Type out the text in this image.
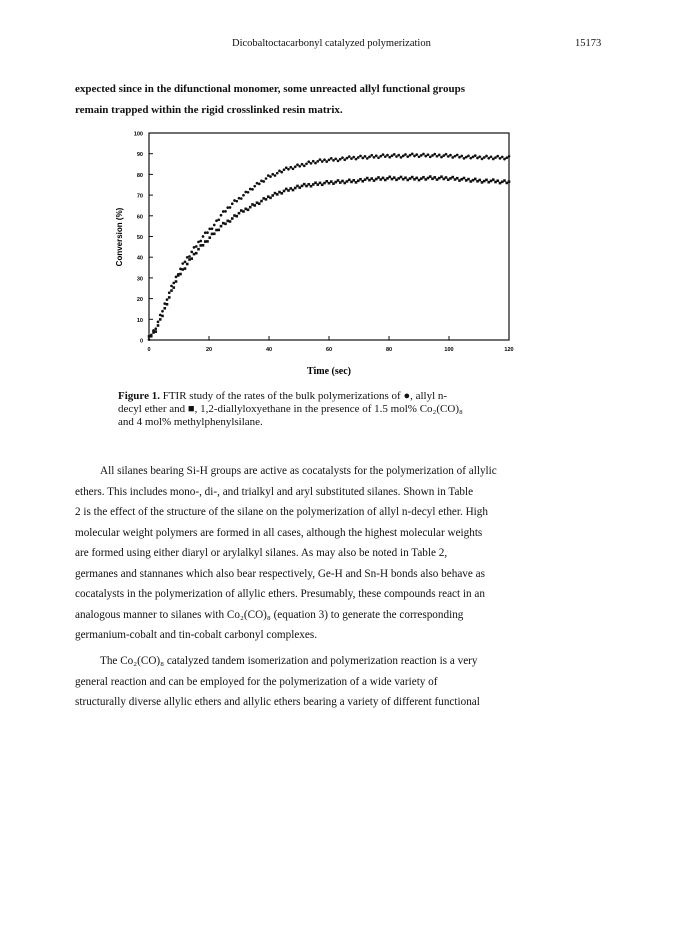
Dicobaltoctacarbonyl catalyzed polymerization	15173

expected since in the difunctional monomer, some unreacted allyl functional groups

remain trapped within the rigid crosslinked resin matrix.

0
10
20
30
40
50
60
70
80
90
100
0	20	40	60	80	100	120
Conversion (%)
Time (sec)
Figure 1. FTIR study of the rates of the bulk polymerizations of ●, allyl n-
decyl ether and ■, 1,2-diallyloxyethane in the presence of 1.5 mol% Co₂(CO)₈
and 4 mol% methylphenylsilane.

All silanes bearing Si-H groups are active as cocatalysts for the polymerization of allylic

ethers. This includes mono-, di-, and trialkyl and aryl substituted silanes. Shown in Table

2 is the effect of the structure of the silane on the polymerization of allyl n-decyl ether. High

molecular weight polymers are formed in all cases, although the highest molecular weights

are formed using either diaryl or arylalkyl silanes. As may also be noted in Table 2,

germanes and stannanes which also bear respectively, Ge-H and Sn-H bonds also behave as

cocatalysts in the polymerization of allylic ethers. Presumably, these compounds react in an

analogous manner to silanes with Co₂(CO)₈ (equation 3) to generate the corresponding

germanium-cobalt and tin-cobalt carbonyl complexes.

The Co₂(CO)₈ catalyzed tandem isomerization and polymerization reaction is a very

general reaction and can be employed for the polymerization of a wide variety of

structurally diverse allylic ethers and allylic ethers bearing a variety of different functional
